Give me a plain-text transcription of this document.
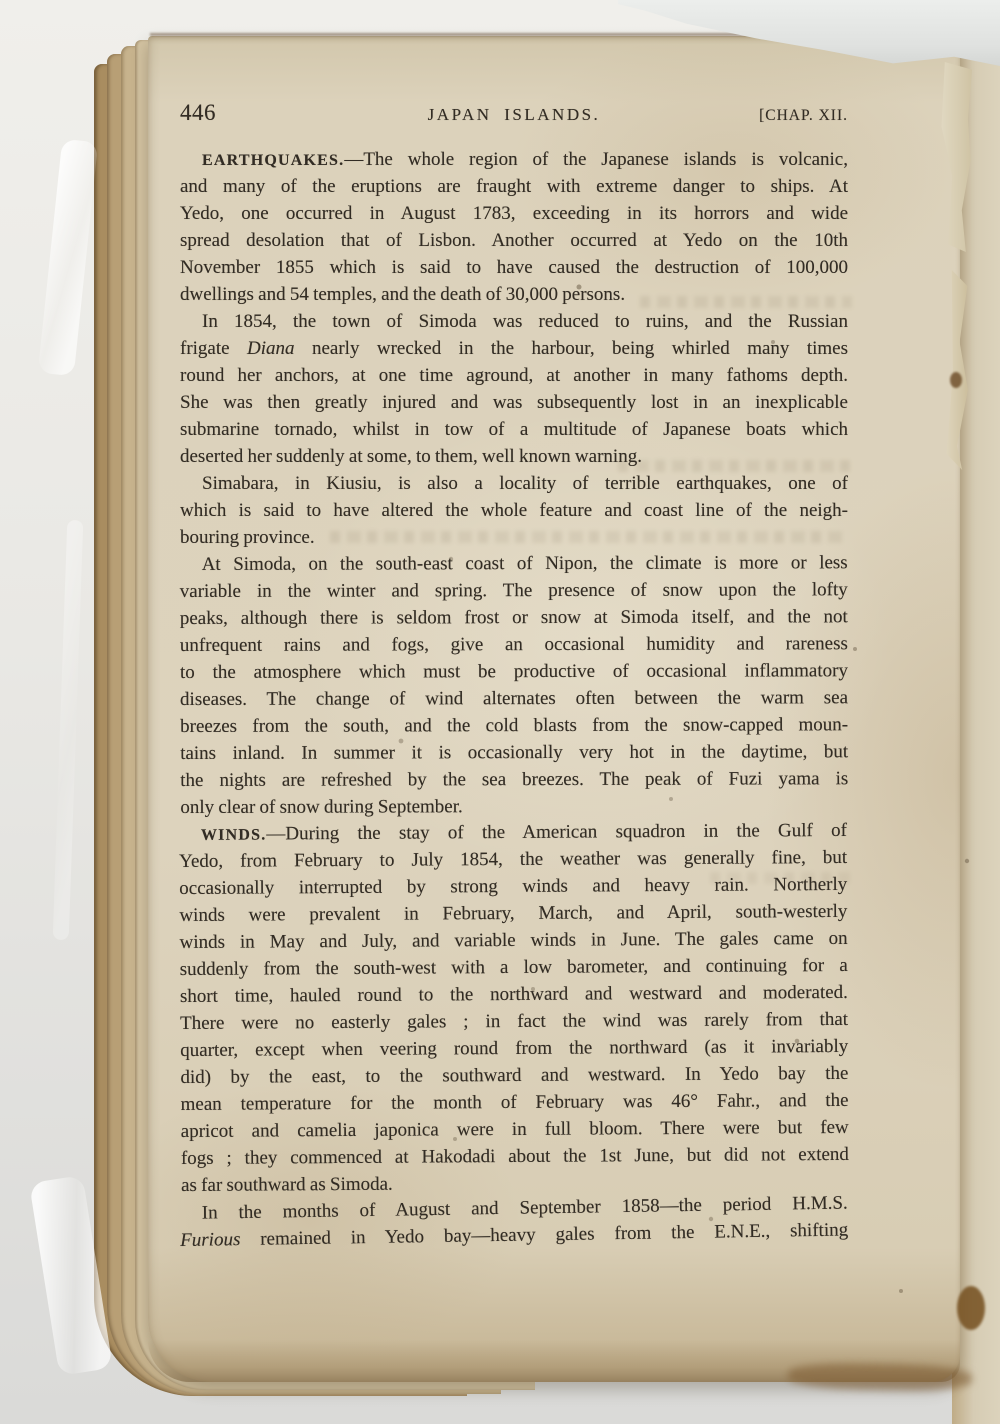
446	JAPAN ISLANDS.	[CHAP. XII.
EARTHQUAKES.—The whole region of the Japanese islands is volcanic,
and many of the eruptions are fraught with extreme danger to ships. At
Yedo, one occurred in August 1783, exceeding in its horrors and wide
spread desolation that of Lisbon. Another occurred at Yedo on the 10th
November 1855 which is said to have caused the destruction of 100,000
dwellings and 54 temples, and the death of 30,000 persons.
In 1854, the town of Simoda was reduced to ruins, and the Russian
frigate Diana nearly wrecked in the harbour, being whirled many times
round her anchors, at one time aground, at another in many fathoms depth.
She was then greatly injured and was subsequently lost in an inexplicable
submarine tornado, whilst in tow of a multitude of Japanese boats which
deserted her suddenly at some, to them, well known warning.
Simabara, in Kiusiu, is also a locality of terrible earthquakes, one of
which is said to have altered the whole feature and coast line of the neigh-
bouring province.
At Simoda, on the south-east coast of Nipon, the climate is more or less
variable in the winter and spring. The presence of snow upon the lofty
peaks, although there is seldom frost or snow at Simoda itself, and the not
unfrequent rains and fogs, give an occasional humidity and rareness
to the atmosphere which must be productive of occasional inflammatory
diseases. The change of wind alternates often between the warm sea
breezes from the south, and the cold blasts from the snow-capped moun-
tains inland. In summer it is occasionally very hot in the daytime, but
the nights are refreshed by the sea breezes. The peak of Fuzi yama is
only clear of snow during September.
WINDS.—During the stay of the American squadron in the Gulf of
Yedo, from February to July 1854, the weather was generally fine, but
occasionally interrupted by strong winds and heavy rain. Northerly
winds were prevalent in February, March, and April, south-westerly
winds in May and July, and variable winds in June. The gales came on
suddenly from the south-west with a low barometer, and continuing for a
short time, hauled round to the northward and westward and moderated.
There were no easterly gales ; in fact the wind was rarely from that
quarter, except when veering round from the northward (as it invariably
did) by the east, to the southward and westward. In Yedo bay the
mean temperature for the month of February was 46° Fahr., and the
apricot and camelia japonica were in full bloom. There were but few
fogs ; they commenced at Hakodadi about the 1st June, but did not extend
as far southward as Simoda.
In the months of August and September 1858—the period H.M.S.
Furious remained in Yedo bay—heavy gales from the E.N.E., shifting
